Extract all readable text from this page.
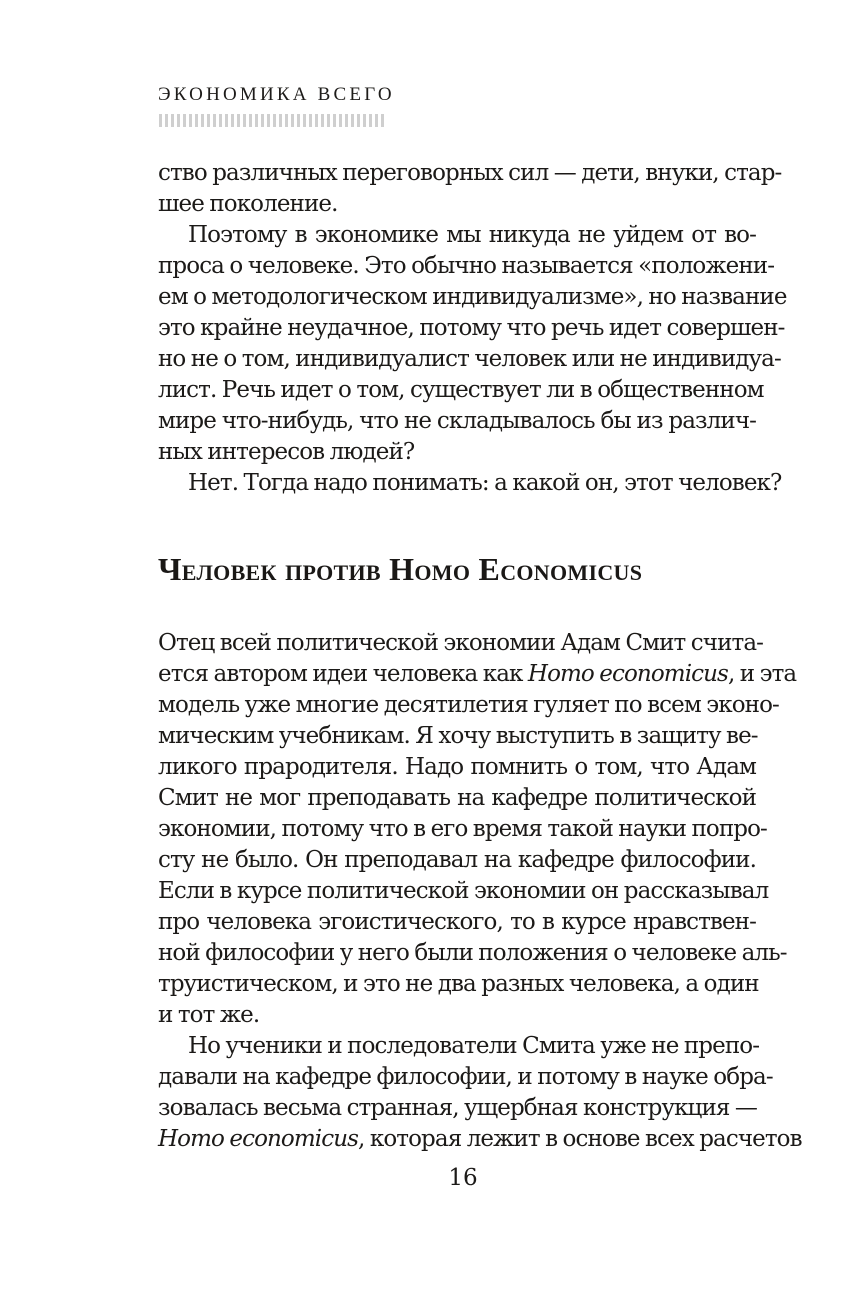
ЭКОНОМИКА ВСЕГО
ство различных переговорных сил — дети, внуки, стар-
шее поколение.
Поэтому в экономике мы никуда не уйдем от во-
проса о человеке. Это обычно называется «положени-
ем о методологическом индивидуализме», но название
это крайне неудачное, потому что речь идет совершен-
но не о том, индивидуалист человек или не индивидуа-
лист. Речь идет о том, существует ли в общественном
мире что-нибудь, что не складывалось бы из различ-
ных интересов людей?
Нет. Тогда надо понимать: а какой он, этот человек?
Человек против Homo Economicus
Отец всей политической экономии Адам Смит счита-
ется автором идеи человека как Homo economicus, и эта
модель уже многие десятилетия гуляет по всем эконо-
мическим учебникам. Я хочу выступить в защиту ве-
ликого прародителя. Надо помнить о том, что Адам
Смит не мог преподавать на кафедре политической
экономии, потому что в его время такой науки попро-
сту не было. Он преподавал на кафедре философии.
Если в курсе политической экономии он рассказывал
про человека эгоистического, то в курсе нравствен-
ной философии у него были положения о человеке аль-
труистическом, и это не два разных человека, а один
и тот же.
Но ученики и последователи Смита уже не препо-
давали на кафедре философии, и потому в науке обра-
зовалась весьма странная, ущербная конструкция —
Homo economicus, которая лежит в основе всех расчетов
16
